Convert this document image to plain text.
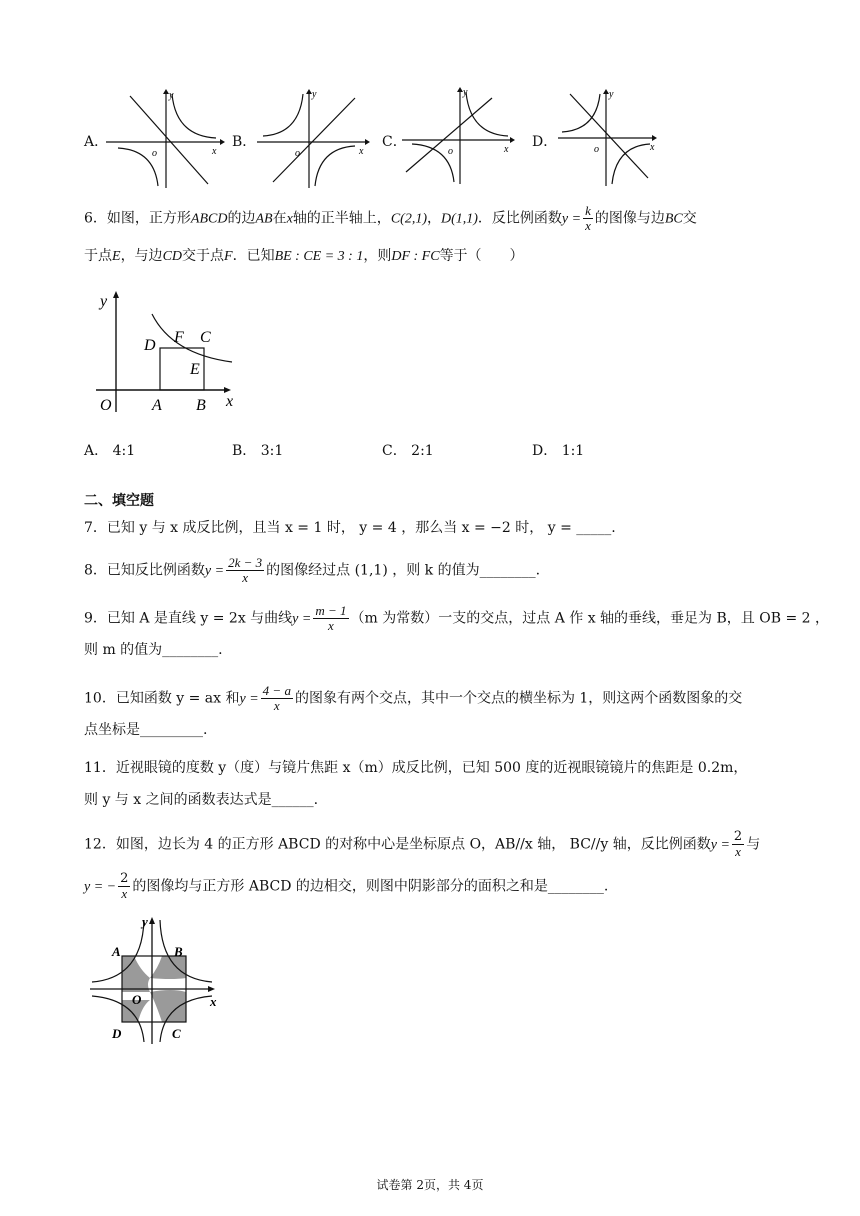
A．	B．	C．	D．
y
x
o
y
x
o
y
x
o
y
x
o
6．如图，正方形ABCD的边AB在x轴的正半轴上，C(2,1)，D(1,1)．反比例函数$y = \frac{k}{x}$ 的图像与边BC交
于点E，与边CD交于点F．已知BE : CE = 3 : 1，则DF : FC等于（　　）
y
O	A B x
D F C
E
A． 4:1	B． 3:1	C． 2:1	D． 1:1
二、填空题
7．已知 y 与 x 成反比例，且当 x = 1 时， y = 4 ，那么当 x = −2 时， y = _____.
8．已知反比例函数$y = \frac{2k - 3}{x}$ 的图像经过点 (1,1) ，则 k 的值为________.
9．已知 A 是直线 y = 2x 与曲线$y = \frac{m - 1}{x} (m$ 为常数）一支的交点，过点 A 作 x 轴的垂线，垂足为 B，且 OB = 2 ，
则 m 的值为________.
10．已知函数 y = ax 和$y = \frac{4 - a}{x}$ 的图象有两个交点，其中一个交点的横坐标为 1，则这两个函数图象的交
点坐标是_________.
11．近视眼镜的度数 y（度）与镜片焦距 x（m）成反比例，已知 500 度的近视眼镜镜片的焦距是 0.2m，
则 y 与 x 之间的函数表达式是______.
12．如图，边长为 4 的正方形 ABCD 的对称中心是坐标原点 O，AB//x 轴， BC//y 轴，反比例函数$y = \frac{2}{x}$ 与
y = − $\frac{2}{x}$ 的图像均与正方形 ABCD 的边相交，则图中阴影部分的面积之和是________.
y
x
A	B
D	C
O
试卷第 2页，共 4页
